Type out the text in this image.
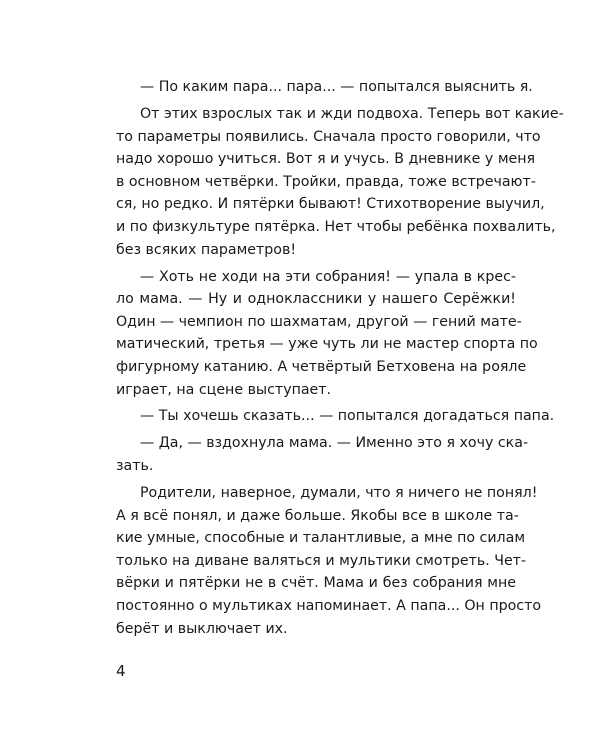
— По каким пара... пара... — попытался выяснить я.
От этих взрослых так и жди подвоха. Теперь вот какие-
то параметры появились. Сначала просто говорили, что
надо хорошо учиться. Вот я и учусь. В дневнике у меня
в основном четвёрки. Тройки, правда, тоже встречают-
ся, но редко. И пятёрки бывают! Стихотворение выучил,
и по физкультуре пятёрка. Нет чтобы ребёнка похвалить,
без всяких параметров!
— Хоть не ходи на эти собрания! — упала в крес-
ло мама. — Ну и одноклассники у нашего Серёжки!
Один — чемпион по шахматам, другой — гений мате-
матический, третья — уже чуть ли не мастер спорта по
фигурному катанию. А четвёртый Бетховена на рояле
играет, на сцене выступает.
— Ты хочешь сказать... — попытался догадаться папа.
— Да, — вздохнула мама. — Именно это я хочу ска-
зать.
Родители, наверное, думали, что я ничего не понял!
А я всё понял, и даже больше. Якобы все в школе та-
кие умные, способные и талантливые, а мне по силам
только на диване валяться и мультики смотреть. Чет-
вёрки и пятёрки не в счёт. Мама и без собрания мне
постоянно о мультиках напоминает. А папа... Он просто
берёт и выключает их.
4
